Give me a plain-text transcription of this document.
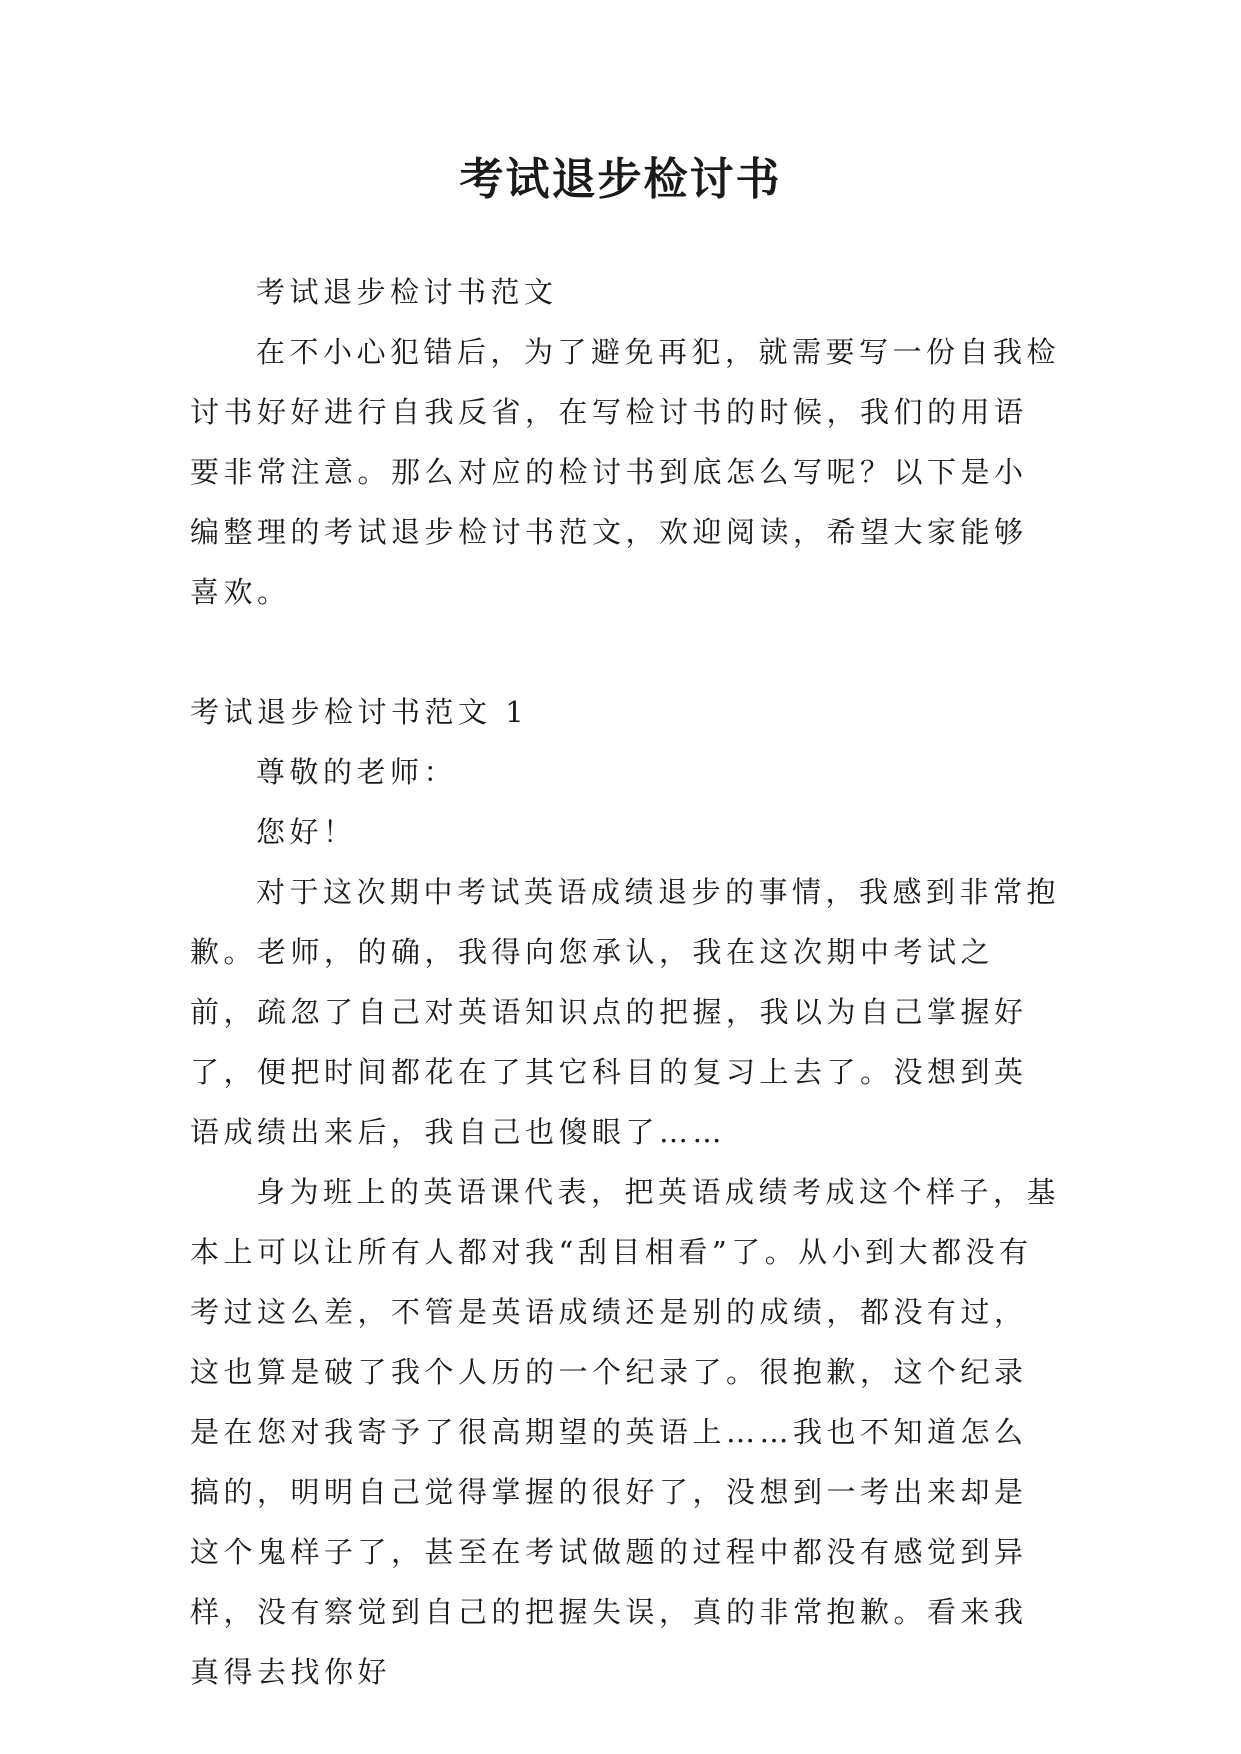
考试退步检讨书

考试退步检讨书范文

在不小心犯错后，为了避免再犯，就需要写一份自我检讨书好好进行自我反省，在写检讨书的时候，我们的用语要非常注意。那么对应的检讨书到底怎么写呢？以下是小编整理的考试退步检讨书范文，欢迎阅读，希望大家能够喜欢。

考试退步检讨书范文 1

尊敬的老师：

您好！

对于这次期中考试英语成绩退步的事情，我感到非常抱歉。老师，的确，我得向您承认，我在这次期中考试之前，疏忽了自己对英语知识点的把握，我以为自己掌握好了，便把时间都花在了其它科目的复习上去了。没想到英语成绩出来后，我自己也傻眼了……

身为班上的英语课代表，把英语成绩考成这个样子，基本上可以让所有人都对我“刮目相看”了。从小到大都没有考过这么差，不管是英语成绩还是别的成绩，都没有过，这也算是破了我个人历的一个纪录了。很抱歉，这个纪录是在您对我寄予了很高期望的英语上……我也不知道怎么搞的，明明自己觉得掌握的很好了，没想到一考出来却是这个鬼样子了，甚至在考试做题的过程中都没有感觉到异样，没有察觉到自己的把握失误，真的非常抱歉。看来我真得去找你好
